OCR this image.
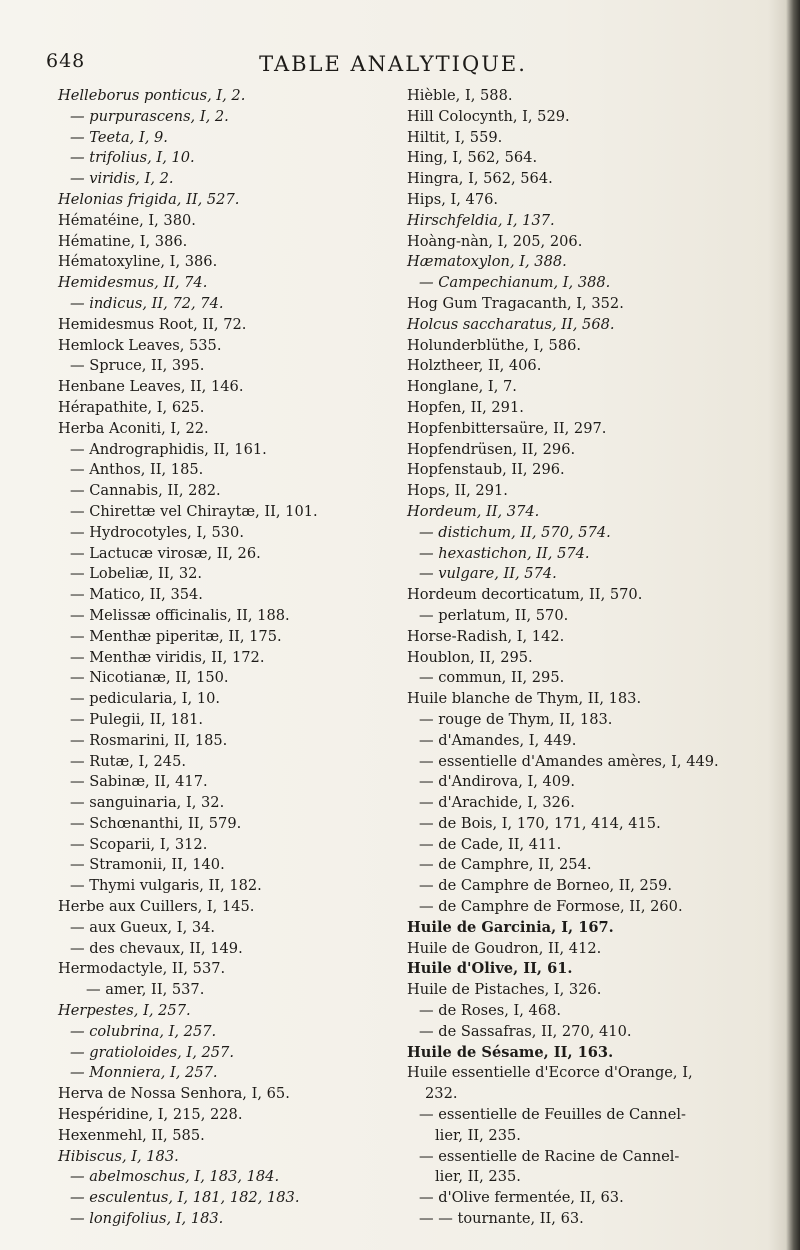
648	TABLE ANALYTIQUE.
Helleborus ponticus, I, 2.
— purpurascens, I, 2.
— Teeta, I, 9.
— trifolius, I, 10.
— viridis, I, 2.
Helonias frigida, II, 527.
Hématéine, I, 380.
Hématine, I, 386.
Hématoxyline, I, 386.
Hemidesmus, II, 74.
— indicus, II, 72, 74.
Hemidesmus Root, II, 72.
Hemlock Leaves, 535.
— Spruce, II, 395.
Henbane Leaves, II, 146.
Hérapathite, I, 625.
Herba Aconiti, I, 22.
— Andrographidis, II, 161.
— Anthos, II, 185.
— Cannabis, II, 282.
— Chirettæ vel Chiraytæ, II, 101.
— Hydrocotyles, I, 530.
— Lactucæ virosæ, II, 26.
— Lobeliæ, II, 32.
— Matico, II, 354.
— Melissæ officinalis, II, 188.
— Menthæ piperitæ, II, 175.
— Menthæ viridis, II, 172.
— Nicotianæ, II, 150.
— pedicularia, I, 10.
— Pulegii, II, 181.
— Rosmarini, II, 185.
— Rutæ, I, 245.
— Sabinæ, II, 417.
— sanguinaria, I, 32.
— Schœnanthi, II, 579.
— Scoparii, I, 312.
— Stramonii, II, 140.
— Thymi vulgaris, II, 182.
Herbe aux Cuillers, I, 145.
— aux Gueux, I, 34.
— des chevaux, II, 149.
Hermodactyle, II, 537.
— amer, II, 537.
Herpestes, I, 257.
— colubrina, I, 257.
— gratioloides, I, 257.
— Monniera, I, 257.
Herva de Nossa Senhora, I, 65.
Hespéridine, I, 215, 228.
Hexenmehl, II, 585.
Hibiscus, I, 183.
— abelmoschus, I, 183, 184.
— esculentus, I, 181, 182, 183.
— longifolius, I, 183.
Hièble, I, 588.
Hill Colocynth, I, 529.
Hiltit, I, 559.
Hing, I, 562, 564.
Hingra, I, 562, 564.
Hips, I, 476.
Hirschfeldia, I, 137.
Hoàng-nàn, I, 205, 206.
Hæmatoxylon, I, 388.
— Campechianum, I, 388.
Hog Gum Tragacanth, I, 352.
Holcus saccharatus, II, 568.
Holunderblüthe, I, 586.
Holztheer, II, 406.
Honglane, I, 7.
Hopfen, II, 291.
Hopfenbittersaüre, II, 297.
Hopfendrüsen, II, 296.
Hopfenstaub, II, 296.
Hops, II, 291.
Hordeum, II, 374.
— distichum, II, 570, 574.
— hexastichon, II, 574.
— vulgare, II, 574.
Hordeum decorticatum, II, 570.
— perlatum, II, 570.
Horse-Radish, I, 142.
Houblon, II, 295.
— commun, II, 295.
Huile blanche de Thym, II, 183.
— rouge de Thym, II, 183.
— d'Amandes, I, 449.
— essentielle d'Amandes amères, I, 449.
— d'Andirova, I, 409.
— d'Arachide, I, 326.
— de Bois, I, 170, 171, 414, 415.
— de Cade, II, 411.
— de Camphre, II, 254.
— de Camphre de Borneo, II, 259.
— de Camphre de Formose, II, 260.
Huile de Garcinia, I, 167.
Huile de Goudron, II, 412.
Huile d'Olive, II, 61.
Huile de Pistaches, I, 326.
— de Roses, I, 468.
— de Sassafras, II, 270, 410.
Huile de Sésame, II, 163.
Huile essentielle d'Ecorce d'Orange, I,
232.
— essentielle de Feuilles de Cannel-
lier, II, 235.
— essentielle de Racine de Cannel-
lier, II, 235.
— d'Olive fermentée, II, 63.
— — tournante, II, 63.
